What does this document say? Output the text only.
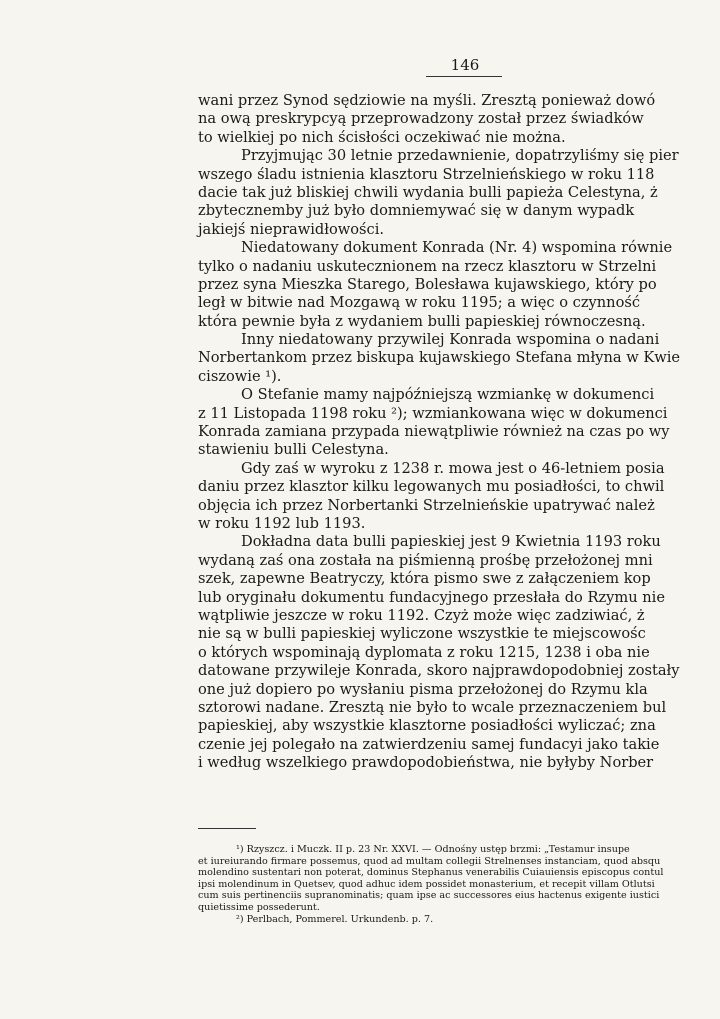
146
wani przez Synod sędziowie na myśli. Zresztą ponieważ dowó
na ową preskrypcyą przeprowadzony został przez świadków
to wielkiej po nich ścisłości oczekiwać nie można.
Przyjmując 30 letnie przedawnienie, dopatrzyliśmy się pier
wszego śladu istnienia klasztoru Strzelnieńskiego w roku 118
dacie tak już bliskiej chwili wydania bulli papieża Celestyna, ż
zbytecznemby już było domniemywać się w danym wypadk
jakiejś nieprawidłowości.
Niedatowany dokument Konrada (Nr. 4) wspomina równie
tylko o nadaniu uskutecznionem na rzecz klasztoru w Strzelni
przez syna Mieszka Starego, Bolesława kujawskiego, który po
legł w bitwie nad Mozgawą w roku 1195; a więc o czynność
która pewnie była z wydaniem bulli papieskiej równoczesną.
Inny niedatowany przywilej Konrada wspomina o nadani
Norbertankom przez biskupa kujawskiego Stefana młyna w Kwie
ciszowie ¹).
O Stefanie mamy najpóźniejszą wzmiankę w dokumenci
z 11 Listopada 1198 roku ²); wzmiankowana więc w dokumenci
Konrada zamiana przypada niewątpliwie również na czas po wy
stawieniu bulli Celestyna.
Gdy zaś w wyroku z 1238 r. mowa jest o 46-letniem posia
daniu przez klasztor kilku legowanych mu posiadłości, to chwil
objęcia ich przez Norbertanki Strzelnieńskie upatrywać należ
w roku 1192 lub 1193.
Dokładna data bulli papieskiej jest 9 Kwietnia 1193 roku
wydaną zaś ona została na piśmienną prośbę przełożonej mni
szek, zapewne Beatryczy, która pismo swe z załączeniem kop
lub oryginału dokumentu fundacyjnego przesłała do Rzymu nie
wątpliwie jeszcze w roku 1192. Czyż może więc zadziwiać, ż
nie są w bulli papieskiej wyliczone wszystkie te miejscowośc
o których wspominają dyplomata z roku 1215, 1238 i oba nie
datowane przywileje Konrada, skoro najprawdopodobniej zostały
one już dopiero po wysłaniu pisma przełożonej do Rzymu kla
sztorowi nadane. Zresztą nie było to wcale przeznaczeniem bul
papieskiej, aby wszystkie klasztorne posiadłości wyliczać; zna
czenie jej polegało na zatwierdzeniu samej fundacyi jako takie
i według wszelkiego prawdopodobieństwa, nie byłyby Norber
¹) Rzyszcz. i Muczk. II p. 23 Nr. XXVI. — Odnośny ustęp brzmi: „Testamur insupe
et iureiurando firmare possemus, quod ad multam collegii Strelnenses instanciam, quod absqu
molendino sustentari non poterat, dominus Stephanus venerabilis Cuiauiensis episcopus contul
ipsi molendinum in Quetsev, quod adhuc idem possidet monasterium, et recepit villam Otlutsi
cum suis pertinenciis supranominatis; quam ipse ac successores eius hactenus exigente iustici
quietissime possederunt.
²) Perlbach, Pommerel. Urkundenb. p. 7.
